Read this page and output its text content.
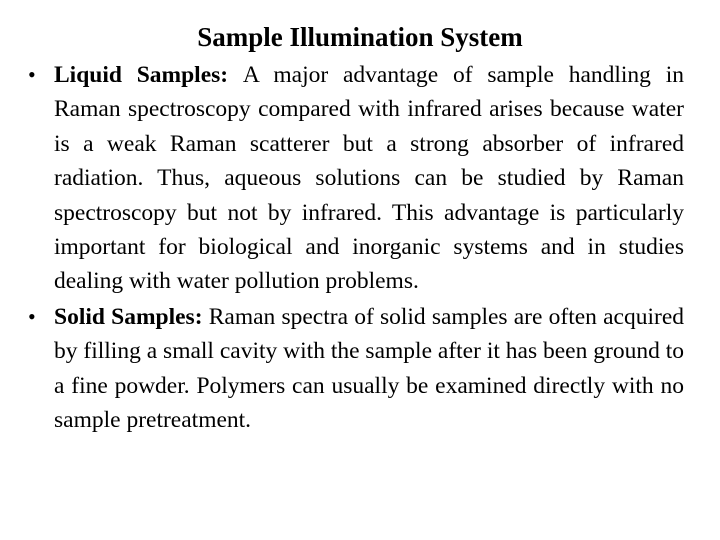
Sample Illumination System
• Liquid Samples: A major advantage of sample handling in Raman spectroscopy compared with infrared arises because water is a weak Raman scatterer but a strong absorber of infrared radiation. Thus, aqueous solutions can be studied by Raman spectroscopy but not by infrared. This advantage is particularly important for biological and inorganic systems and in studies dealing with water pollution problems.
• Solid Samples: Raman spectra of solid samples are often acquired by filling a small cavity with the sample after it has been ground to a fine powder. Polymers can usually be examined directly with no sample pretreatment.
